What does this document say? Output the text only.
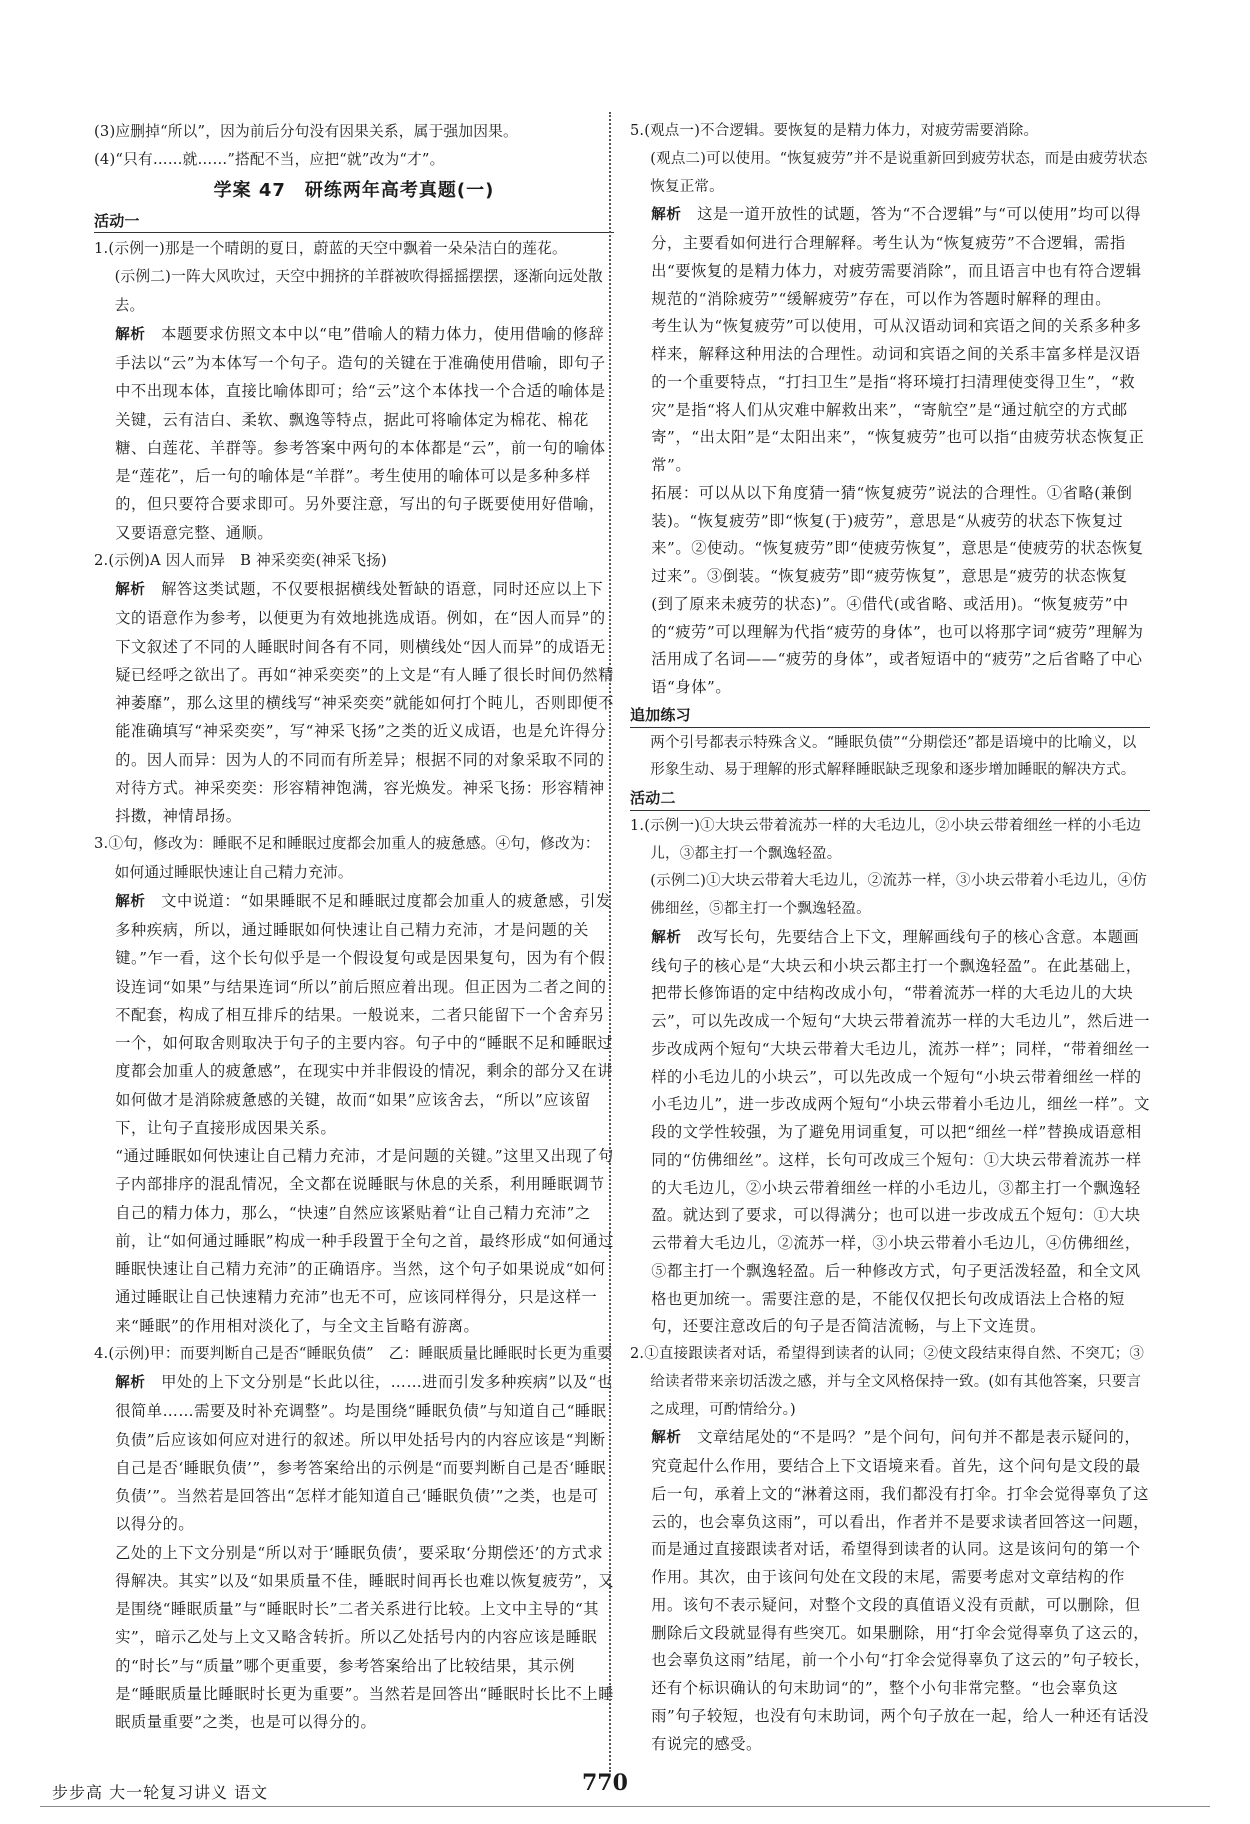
(3)应删掉“所以”，因为前后分句没有因果关系，属于强加因果。

(4)“只有……就……”搭配不当，应把“就”改为“才”。

学案 47　研练两年高考真题(一)

活动一

1.(示例一)那是一个晴朗的夏日，蔚蓝的天空中飘着一朵朵洁白的莲花。

(示例二)一阵大风吹过，天空中拥挤的羊群被吹得摇摇摆摆，逐渐向远处散去。

解析　 本题要求仿照文本中以“电”借喻人的精力体力，使用借喻的修辞手法以“云”为本体写一个句子。造句的关键在于准确使用借喻，即句子中不出现本体，直接比喻体即可；给“云”这个本体找一个合适的喻体是关键，云有洁白、柔软、飘逸等特点，据此可将喻体定为棉花、棉花糖、白莲花、羊群等。参考答案中两句的本体都是“云”，前一句的喻体是“莲花”，后一句的喻体是“羊群”。考生使用的喻体可以是多种多样的，但只要符合要求即可。另外要注意，写出的句子既要使用好借喻，又要语意完整、通顺。

2.(示例)A 因人而异　B 神采奕奕(神采飞扬)

解析　 解答这类试题，不仅要根据横线处暂缺的语意，同时还应以上下文的语意作为参考，以便更为有效地挑选成语。例如，在“因人而异”的下文叙述了不同的人睡眠时间各有不同，则横线处“因人而异”的成语无疑已经呼之欲出了。再如“神采奕奕”的上文是“有人睡了很长时间仍然精神萎靡”，那么这里的横线写“神采奕奕”就能如何打个盹儿，否则即便不能准确填写“神采奕奕”，写“神采飞扬”之类的近义成语，也是允许得分的。因人而异：因为人的不同而有所差异；根据不同的对象采取不同的对待方式。神采奕奕：形容精神饱满，容光焕发。神采飞扬：形容精神抖擞，神情昂扬。

3.①句，修改为：睡眠不足和睡眠过度都会加重人的疲惫感。④句，修改为：如何通过睡眠快速让自己精力充沛。

解析　 文中说道：“如果睡眠不足和睡眠过度都会加重人的疲惫感，引发多种疾病，所以，通过睡眠如何快速让自己精力充沛，才是问题的关键。”乍一看，这个长句似乎是一个假设复句或是因果复句，因为有个假设连词“如果”与结果连词“所以”前后照应着出现。但正因为二者之间的不配套，构成了相互排斥的结果。一般说来，二者只能留下一个舍弃另一个，如何取舍则取决于句子的主要内容。句子中的“睡眠不足和睡眠过度都会加重人的疲惫感”，在现实中并非假设的情况，剩余的部分又在讲如何做才是消除疲惫感的关键，故而“如果”应该舍去，“所以”应该留下，让句子直接形成因果关系。

“通过睡眠如何快速让自己精力充沛，才是问题的关键。”这里又出现了句子内部排序的混乱情况，全文都在说睡眠与休息的关系，利用睡眠调节自己的精力体力，那么，“快速”自然应该紧贴着“让自己精力充沛”之前，让“如何通过睡眠”构成一种手段置于全句之首，最终形成“如何通过睡眠快速让自己精力充沛”的正确语序。当然，这个句子如果说成“如何通过睡眠让自己快速精力充沛”也无不可，应该同样得分，只是这样一来“睡眠”的作用相对淡化了，与全文主旨略有游离。

4.(示例)甲：而要判断自己是否“睡眠负债”　乙：睡眠质量比睡眠时长更为重要

解析　 甲处的上下文分别是“长此以往，……进而引发多种疾病”以及“也很简单……需要及时补充调整”。均是围绕“睡眠负债”与知道自己“睡眠负债”后应该如何应对进行的叙述。所以甲处括号内的内容应该是“判断自己是否‘睡眠负债’”，参考答案给出的示例是“而要判断自己是否‘睡眠负债’”。当然若是回答出“怎样才能知道自己‘睡眠负债’”之类，也是可以得分的。

乙处的上下文分别是“所以对于‘睡眠负债’，要采取‘分期偿还’的方式求得解决。其实”以及“如果质量不佳，睡眠时间再长也难以恢复疲劳”，又是围绕“睡眠质量”与“睡眠时长”二者关系进行比较。上文中主导的“其实”，暗示乙处与上文又略含转折。所以乙处括号内的内容应该是睡眠的“时长”与“质量”哪个更重要，参考答案给出了比较结果，其示例是“睡眠质量比睡眠时长更为重要”。当然若是回答出“睡眠时长比不上睡眠质量重要”之类，也是可以得分的。

5.(观点一)不合逻辑。要恢复的是精力体力，对疲劳需要消除。

(观点二)可以使用。“恢复疲劳”并不是说重新回到疲劳状态，而是由疲劳状态恢复正常。

解析　 这是一道开放性的试题，答为“不合逻辑”与“可以使用”均可以得分，主要看如何进行合理解释。考生认为“恢复疲劳”不合逻辑，需指出“要恢复的是精力体力，对疲劳需要消除”，而且语言中也有符合逻辑规范的“消除疲劳”“缓解疲劳”存在，可以作为答题时解释的理由。

考生认为“恢复疲劳”可以使用，可从汉语动词和宾语之间的关系多种多样来，解释这种用法的合理性。动词和宾语之间的关系丰富多样是汉语的一个重要特点，“打扫卫生”是指“将环境打扫清理使变得卫生”，“救灾”是指“将人们从灾难中解救出来”，“寄航空”是“通过航空的方式邮寄”，“出太阳”是“太阳出来”，“恢复疲劳”也可以指“由疲劳状态恢复正常”。

拓展：可以从以下角度猜一猜“恢复疲劳”说法的合理性。①省略(兼倒装)。“恢复疲劳”即“恢复(于)疲劳”，意思是“从疲劳的状态下恢复过来”。②使动。“恢复疲劳”即“使疲劳恢复”，意思是“使疲劳的状态恢复过来”。③倒装。“恢复疲劳”即“疲劳恢复”，意思是“疲劳的状态恢复(到了原来未疲劳的状态)”。④借代(或省略、或活用)。“恢复疲劳”中的“疲劳”可以理解为代指“疲劳的身体”，也可以将那字词“疲劳”理解为活用成了名词——“疲劳的身体”，或者短语中的“疲劳”之后省略了中心语“身体”。

追加练习

两个引号都表示特殊含义。“睡眠负债”“分期偿还”都是语境中的比喻义，以形象生动、易于理解的形式解释睡眠缺乏现象和逐步增加睡眠的解决方式。

活动二

1.(示例一)①大块云带着流苏一样的大毛边儿，②小块云带着细丝一样的小毛边儿，③都主打一个飘逸轻盈。

(示例二)①大块云带着大毛边儿，②流苏一样，③小块云带着小毛边儿，④仿佛细丝，⑤都主打一个飘逸轻盈。

解析　 改写长句，先要结合上下文，理解画线句子的核心含意。本题画线句子的核心是“大块云和小块云都主打一个飘逸轻盈”。在此基础上，把带长修饰语的定中结构改成小句，“带着流苏一样的大毛边儿的大块云”，可以先改成一个短句“大块云带着流苏一样的大毛边儿”，然后进一步改成两个短句“大块云带着大毛边儿，流苏一样”；同样，“带着细丝一样的小毛边儿的小块云”，可以先改成一个短句“小块云带着细丝一样的小毛边儿”，进一步改成两个短句“小块云带着小毛边儿，细丝一样”。文段的文学性较强，为了避免用词重复，可以把“细丝一样”替换成语意相同的“仿佛细丝”。这样，长句可改成三个短句：①大块云带着流苏一样的大毛边儿，②小块云带着细丝一样的小毛边儿，③都主打一个飘逸轻盈。就达到了要求，可以得满分；也可以进一步改成五个短句：①大块云带着大毛边儿，②流苏一样，③小块云带着小毛边儿，④仿佛细丝，⑤都主打一个飘逸轻盈。后一种修改方式，句子更活泼轻盈，和全文风格也更加统一。需要注意的是，不能仅仅把长句改成语法上合格的短句，还要注意改后的句子是否简洁流畅，与上下文连贯。

2.①直接跟读者对话，希望得到读者的认同；②使文段结束得自然、不突兀；③给读者带来亲切活泼之感，并与全文风格保持一致。(如有其他答案，只要言之成理，可酌情给分。)

解析　 文章结尾处的“不是吗？”是个问句，问句并不都是表示疑问的，究竟起什么作用，要结合上下文语境来看。首先，这个问句是文段的最后一句，承着上文的“淋着这雨，我们都没有打伞。打伞会觉得辜负了这云的，也会辜负这雨”，可以看出，作者并不是要求读者回答这一问题，而是通过直接跟读者对话，希望得到读者的认同。这是该问句的第一个作用。其次，由于该问句处在文段的末尾，需要考虑对文章结构的作用。该句不表示疑问，对整个文段的真值语义没有贡献，可以删除，但删除后文段就显得有些突兀。如果删除，用“打伞会觉得辜负了这云的，也会辜负这雨”结尾，前一个小句“打伞会觉得辜负了这云的”句子较长，还有个标识确认的句末助词“的”，整个小句非常完整。“也会辜负这雨”句子较短，也没有句末助词，两个句子放在一起，给人一种还有话没有说完的感受。

步步高 大一轮复习讲义 语文	770
